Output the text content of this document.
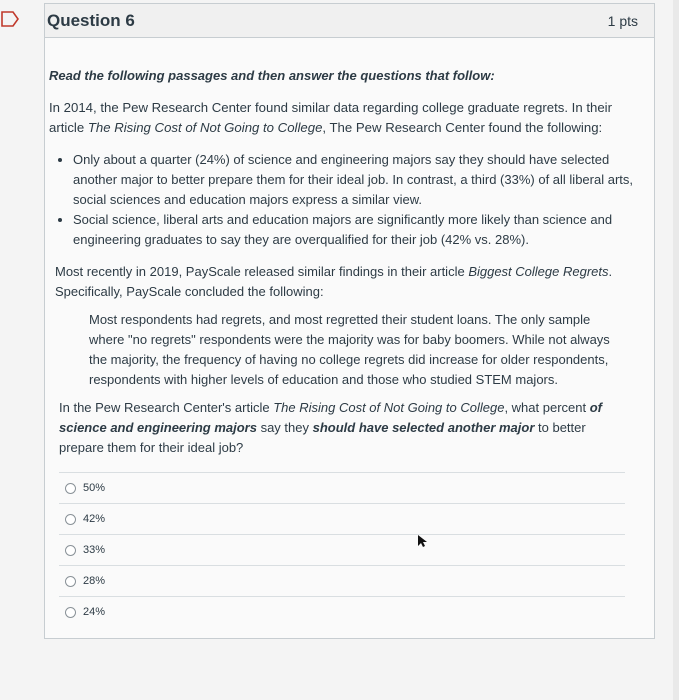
Question 6	1 pts
Read the following passages and then answer the questions that follow:
In 2014, the Pew Research Center found similar data regarding college graduate regrets. In their article The Rising Cost of Not Going to College, The Pew Research Center found the following:
• Only about a quarter (24%) of science and engineering majors say they should have selected another major to better prepare them for their ideal job. In contrast, a third (33%) of all liberal arts, social sciences and education majors express a similar view.
• Social science, liberal arts and education majors are significantly more likely than science and engineering graduates to say they are overqualified for their job (42% vs. 28%).
Most recently in 2019, PayScale released similar findings in their article Biggest College Regrets. Specifically, PayScale concluded the following:
Most respondents had regrets, and most regretted their student loans. The only sample where "no regrets" respondents were the majority was for baby boomers. While not always the majority, the frequency of having no college regrets did increase for older respondents, respondents with higher levels of education and those who studied STEM majors.
In the Pew Research Center's article The Rising Cost of Not Going to College, what percent of science and engineering majors say they should have selected another major to better prepare them for their ideal job?
50%
42%
33%
28%
24%
